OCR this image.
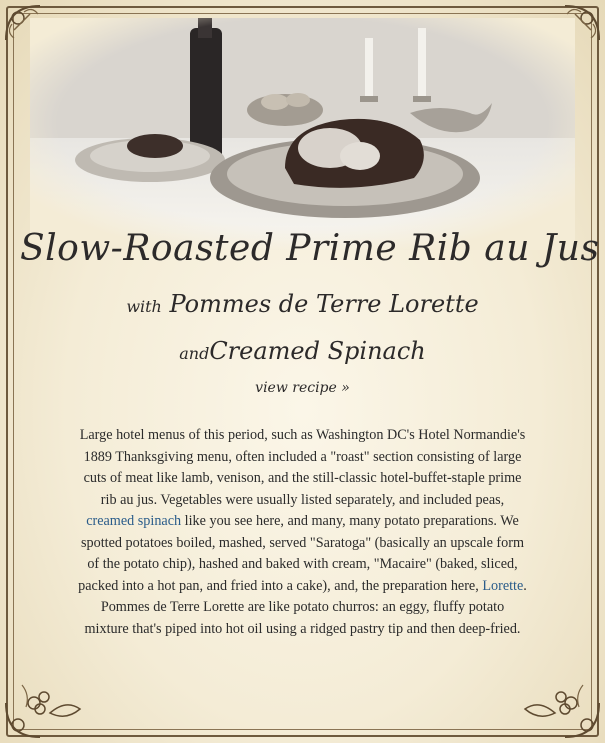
Slow-Roasted Prime Rib au Jus
with Pommes de Terre Lorette
andCreamed Spinach
view recipe »
Large hotel menus of this period, such as Washington DC's Hotel Normandie's 1889 Thanksgiving menu, often included a "roast" section consisting of large cuts of meat like lamb, venison, and the still-classic hotel-buffet-staple prime rib au jus. Vegetables were usually listed separately, and included peas, creamed spinach like you see here, and many, many potato preparations. We spotted potatoes boiled, mashed, served "Saratoga" (basically an upscale form of the potato chip), hashed and baked with cream, "Macaire" (baked, sliced, packed into a hot pan, and fried into a cake), and, the preparation here, Lorette. Pommes de Terre Lorette are like potato churros: an eggy, fluffy potato mixture that's piped into hot oil using a ridged pastry tip and then deep-fried.
